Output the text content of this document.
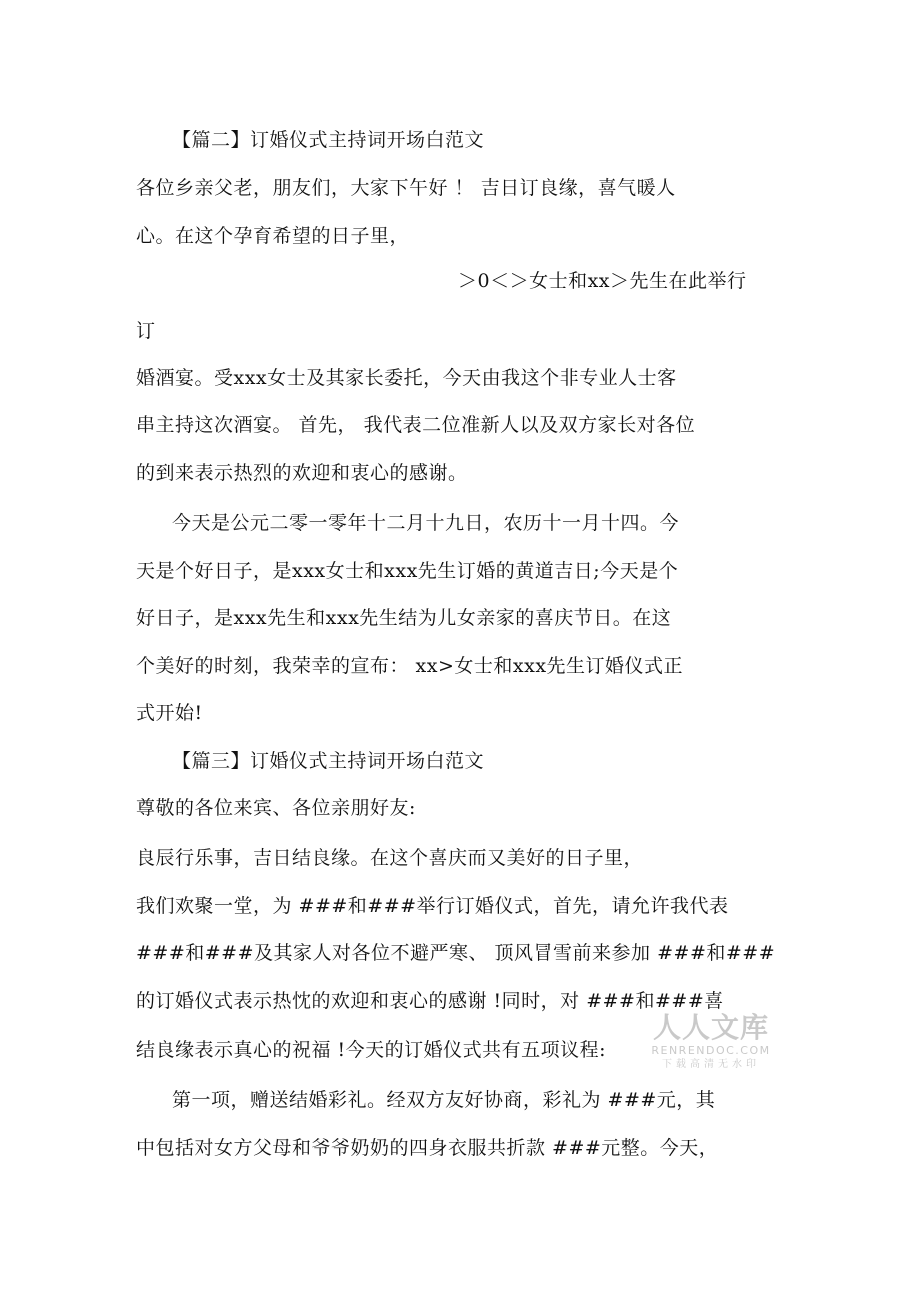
【篇二】订婚仪式主持词开场白范文
各位乡亲父老，朋友们，大家下午好 ！ 吉日订良缘，喜气暖人
心。在这个孕育希望的日子里，
＞0＜＞女士和xx＞先生在此举行
订
婚酒宴。受xxx女士及其家长委托，今天由我这个非专业人士客
串主持这次酒宴。 首先， 我代表二位准新人以及双方家长对各位
的到来表示热烈的欢迎和衷心的感谢。
今天是公元二零一零年十二月十九日，农历十一月十四。今
天是个好日子，是xxx女士和xxx先生订婚的黄道吉日;今天是个
好日子，是xxx先生和xxx先生结为儿女亲家的喜庆节日。在这
个美好的时刻，我荣幸的宣布： xx>女士和xxx先生订婚仪式正
式开始!
【篇三】订婚仪式主持词开场白范文
尊敬的各位来宾、各位亲朋好友:
良辰行乐事，吉日结良缘。在这个喜庆而又美好的日子里，
我们欢聚一堂，为 ###和###举行订婚仪式，首先，请允许我代表
###和###及其家人对各位不避严寒、 顶风冒雪前来参加 ###和###
的订婚仪式表示热忱的欢迎和衷心的感谢 !同时，对 ###和###喜
结良缘表示真心的祝福 !今天的订婚仪式共有五项议程:
第一项，赠送结婚彩礼。经双方友好协商，彩礼为 ###元，其
中包括对女方父母和爷爷奶奶的四身衣服共折款 ###元整。今天，
人人文库
RENRENDOC.COM
下载高清无水印
